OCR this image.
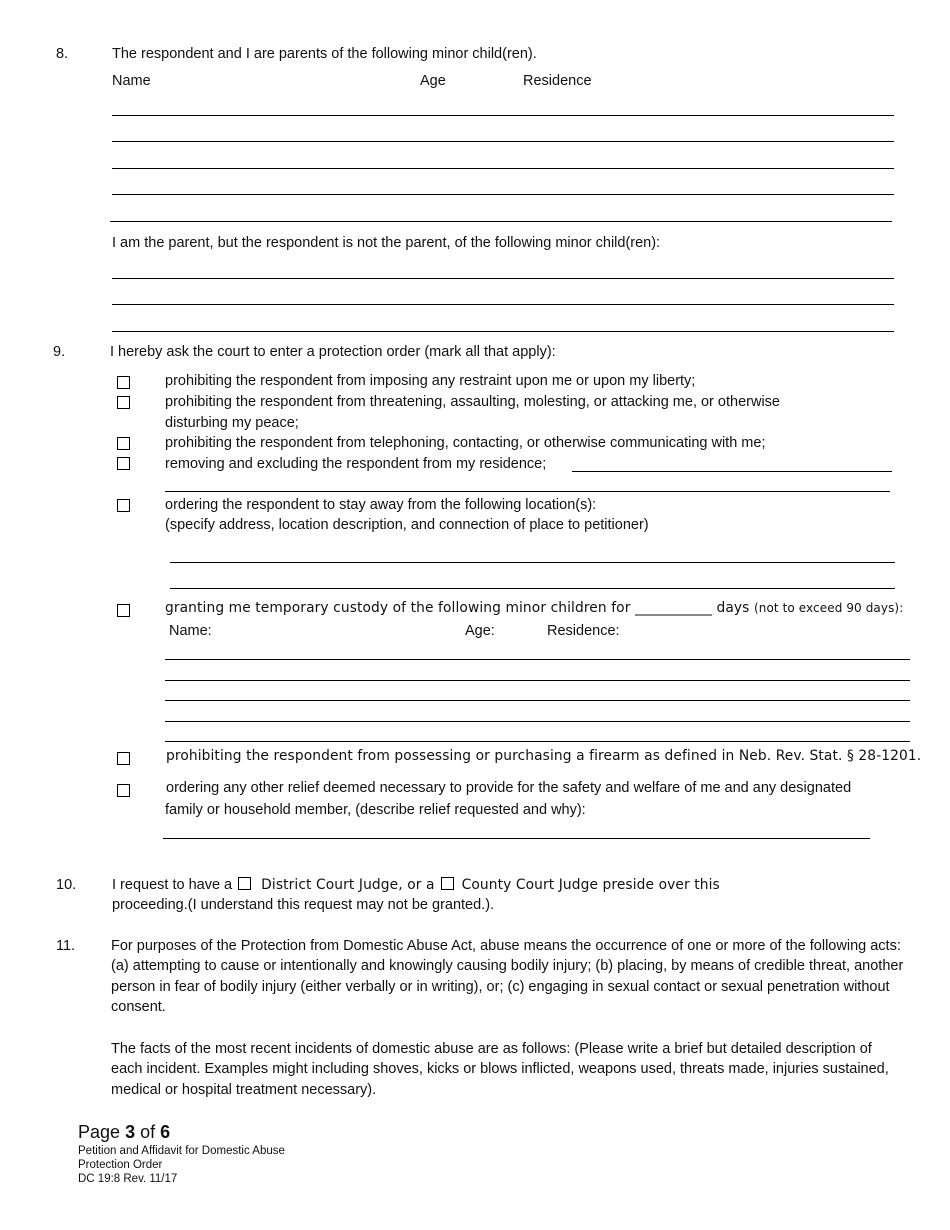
8.	The respondent and I are parents of the following minor child(ren).
Name	Age	Residence
I am the parent, but the respondent is not the parent, of the following minor child(ren):
9.	I hereby ask the court to enter a protection order (mark all that apply):
prohibiting the respondent from imposing any restraint upon me or upon my liberty;
prohibiting the respondent from threatening, assaulting, molesting, or attacking me, or otherwise
disturbing my peace;
prohibiting the respondent from telephoning, contacting, or otherwise communicating with me;
removing and excluding the respondent from my residence;
ordering the respondent to stay away from the following location(s):
(specify address, location description, and connection of place to petitioner)
granting me temporary custody of the following minor children for ___________ days (not to exceed 90 days):
Name:	Age:	Residence:
prohibiting the respondent from possessing or purchasing a firearm as defined in Neb. Rev. Stat. § 28-1201.
ordering any other relief deemed necessary to provide for the safety and welfare of me and any designated
family or household member, (describe relief requested and why):
10. I request to have a District Court Judge, or a County Court Judge preside over this
proceeding.(I understand this request may not be granted.).
11. For purposes of the Protection from Domestic Abuse Act, abuse means the occurrence of one or more of the following acts:
(a) attempting to cause or intentionally and knowingly causing bodily injury; (b) placing, by means of credible threat, another
person in fear of bodily injury (either verbally or in writing), or; (c) engaging in sexual contact or sexual penetration without
consent.
The facts of the most recent incidents of domestic abuse are as follows: (Please write a brief but detailed description of
each incident. Examples might including shoves, kicks or blows inflicted, weapons used, threats made, injuries sustained,
medical or hospital treatment necessary).
Page 3 of 6
Petition and Affidavit for Domestic Abuse
Protection Order
DC 19:8 Rev. 11/17
